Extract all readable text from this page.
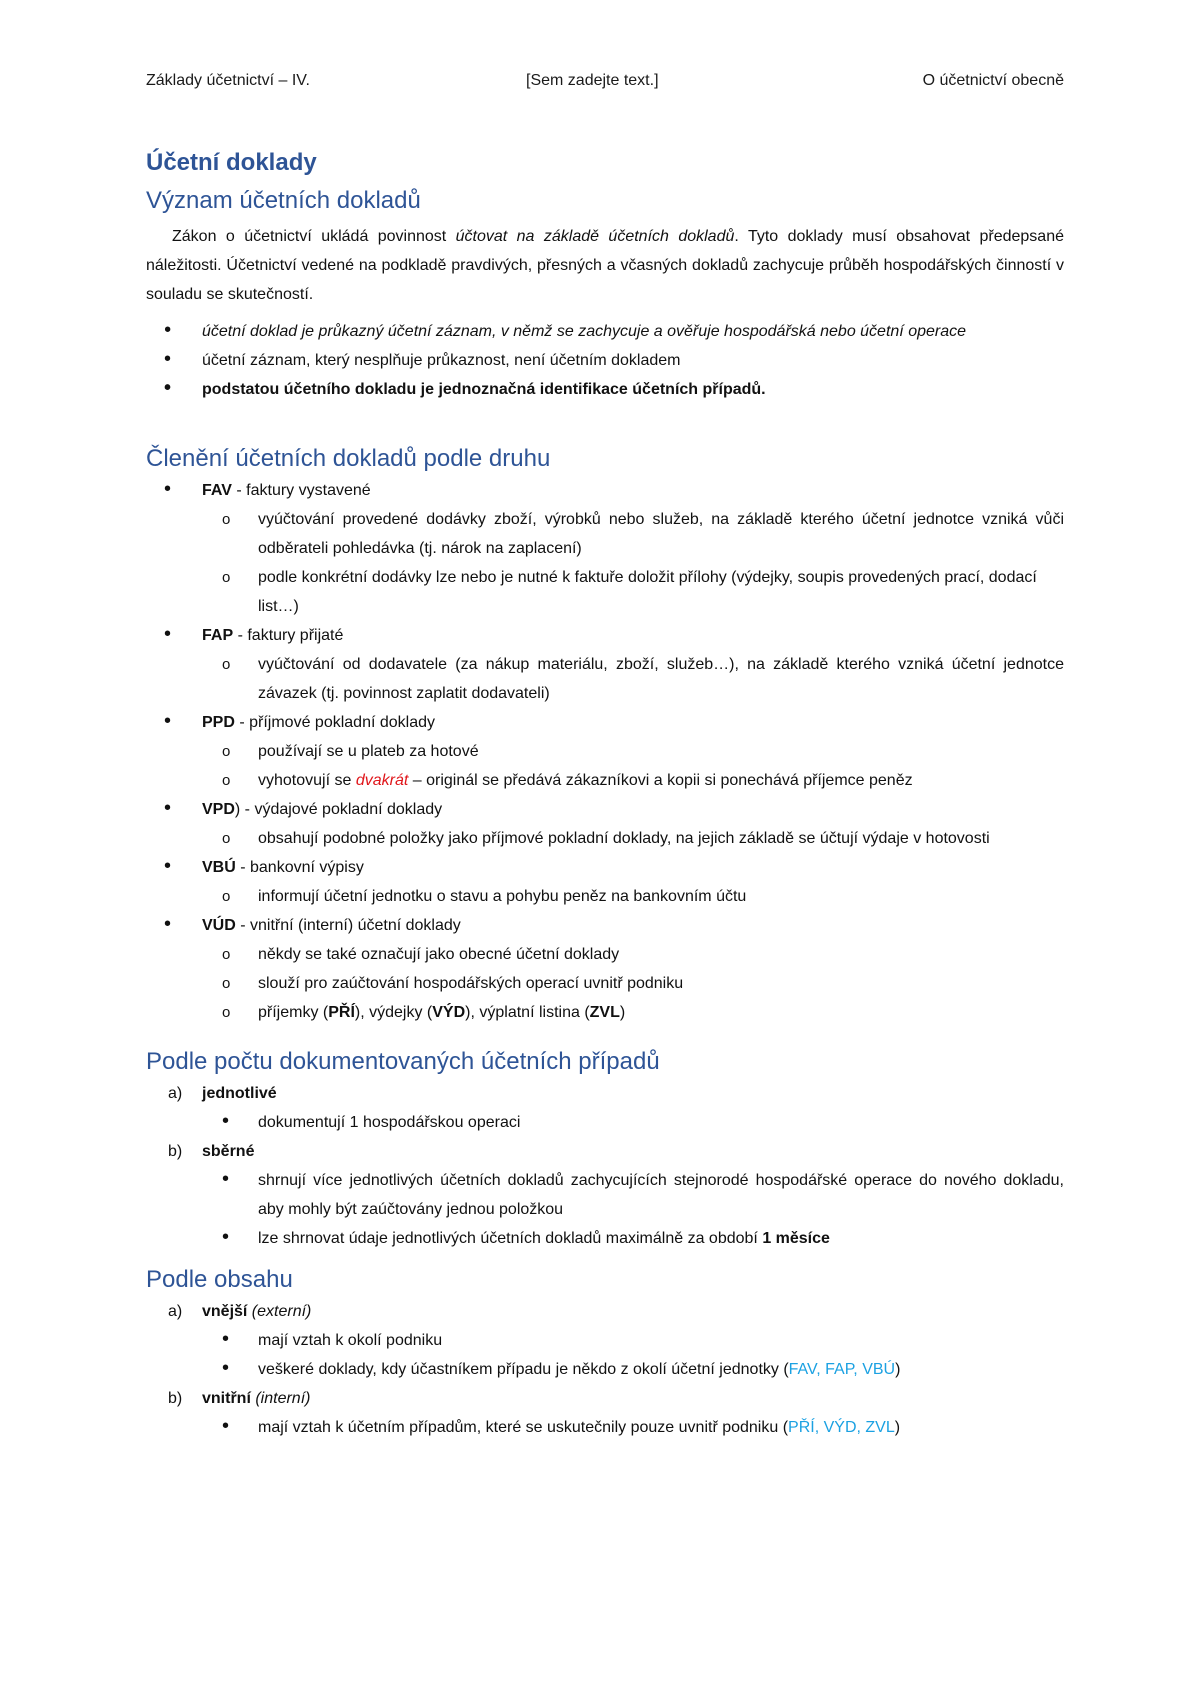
Základy účetnictví – IV.	[Sem zadejte text.]	O účetnictví obecně
Účetní doklady
Význam účetních dokladů

Zákon o účetnictví ukládá povinnost účtovat na základě účetních dokladů. Tyto doklady musí obsahovat předepsané náležitosti. Účetnictví vedené na podkladě pravdivých, přesných a včasných dokladů zachycuje průběh hospodářských činností v souladu se skutečností.

• účetní doklad je průkazný účetní záznam, v němž se zachycuje a ověřuje hospodářská nebo účetní operace
• účetní záznam, který nesplňuje průkaznost, není účetním dokladem
• podstatou účetního dokladu je jednoznačná identifikace účetních případů.
Členění účetních dokladů podle druhu
• FAV - faktury vystavené
o vyúčtování provedené dodávky zboží, výrobků nebo služeb, na základě kterého účetní jednotce vzniká vůči odběrateli pohledávka (tj. nárok na zaplacení)
o podle konkrétní dodávky lze nebo je nutné k faktuře doložit přílohy (výdejky, soupis provedených prací, dodací list…)
• FAP - faktury přijaté
o vyúčtování od dodavatele (za nákup materiálu, zboží, služeb…), na základě kterého vzniká účetní jednotce závazek (tj. povinnost zaplatit dodavateli)
• PPD - příjmové pokladní doklady
o používají se u plateb za hotové
o vyhotovují se dvakrát – originál se předává zákazníkovi a kopii si ponechává příjemce peněz
• VPD) - výdajové pokladní doklady
o obsahují podobné položky jako příjmové pokladní doklady, na jejich základě se účtují výdaje v hotovosti
• VBÚ - bankovní výpisy
o informují účetní jednotku o stavu a pohybu peněz na bankovním účtu
• VÚD - vnitřní (interní) účetní doklady
o někdy se také označují jako obecné účetní doklady
o slouží pro zaúčtování hospodářských operací uvnitř podniku
o příjemky (PŘÍ), výdejky (VÝD), výplatní listina (ZVL)
Podle počtu dokumentovaných účetních případů
a) jednotlivé
• dokumentují 1 hospodářskou operaci
b) sběrné
• shrnují více jednotlivých účetních dokladů zachycujících stejnorodé hospodářské operace do nového dokladu, aby mohly být zaúčtovány jednou položkou
• lze shrnovat údaje jednotlivých účetních dokladů maximálně za období 1 měsíce
Podle obsahu
a) vnější (externí)
• mají vztah k okolí podniku
• veškeré doklady, kdy účastníkem případu je někdo z okolí účetní jednotky (FAV, FAP, VBÚ)
b) vnitřní (interní)
• mají vztah k účetním případům, které se uskutečnily pouze uvnitř podniku (PŘÍ, VÝD, ZVL)
